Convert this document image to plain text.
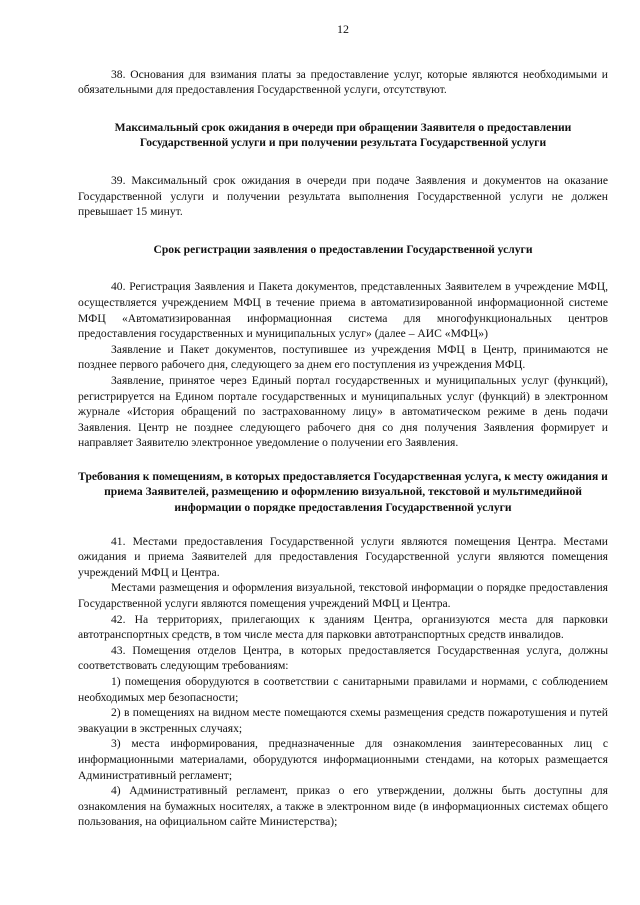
12

38. Основания для взимания платы за предоставление услуг, которые являются необходимыми и обязательными для предоставления Государственной услуги, отсутствуют.

Максимальный срок ожидания в очереди при обращении Заявителя о предоставлении Государственной услуги и при получении результата Государственной услуги

39. Максимальный срок ожидания в очереди при подаче Заявления и документов на оказание Государственной услуги и получении результата выполнения Государственной услуги не должен превышает 15 минут.

Срок регистрации заявления о предоставлении Государственной услуги

40. Регистрация Заявления и Пакета документов, представленных Заявителем в учреждение МФЦ, осуществляется учреждением МФЦ в течение приема в автоматизированной информационной системе МФЦ «Автоматизированная информационная система для многофункциональных центров предоставления государственных и муниципальных услуг» (далее – АИС «МФЦ»)

Заявление и Пакет документов, поступившее из учреждения МФЦ в Центр, принимаются не позднее первого рабочего дня, следующего за днем его поступления из учреждения МФЦ.

Заявление, принятое через Единый портал государственных и муниципальных услуг (функций), регистрируется на Едином портале государственных и муниципальных услуг (функций) в электронном журнале «История обращений по застрахованному лицу» в автоматическом режиме в день подачи Заявления. Центр не позднее следующего рабочего дня со дня получения Заявления формирует и направляет Заявителю электронное уведомление о получении его Заявления.

Требования к помещениям, в которых предоставляется Государственная услуга, к месту ожидания и приема Заявителей, размещению и оформлению визуальной, текстовой и мультимедийной информации о порядке предоставления Государственной услуги

41. Местами предоставления Государственной услуги являются помещения Центра. Местами ожидания и приема Заявителей для предоставления Государственной услуги являются помещения учреждений МФЦ и Центра.

Местами размещения и оформления визуальной, текстовой информации о порядке предоставления Государственной услуги являются помещения учреждений МФЦ и Центра.

42. На территориях, прилегающих к зданиям Центра, организуются места для парковки автотранспортных средств, в том числе места для парковки автотранспортных средств инвалидов.

43. Помещения отделов Центра, в которых предоставляется Государственная услуга, должны соответствовать следующим требованиям:

1) помещения оборудуются в соответствии с санитарными правилами и нормами, с соблюдением необходимых мер безопасности;

2) в помещениях на видном месте помещаются схемы размещения средств пожаротушения и путей эвакуации в экстренных случаях;

3) места информирования, предназначенные для ознакомления заинтересованных лиц с информационными материалами, оборудуются информационными стендами, на которых размещается Административный регламент;

4) Административный регламент, приказ о его утверждении, должны быть доступны для ознакомления на бумажных носителях, а также в электронном виде (в информационных системах общего пользования, на официальном сайте Министерства);
